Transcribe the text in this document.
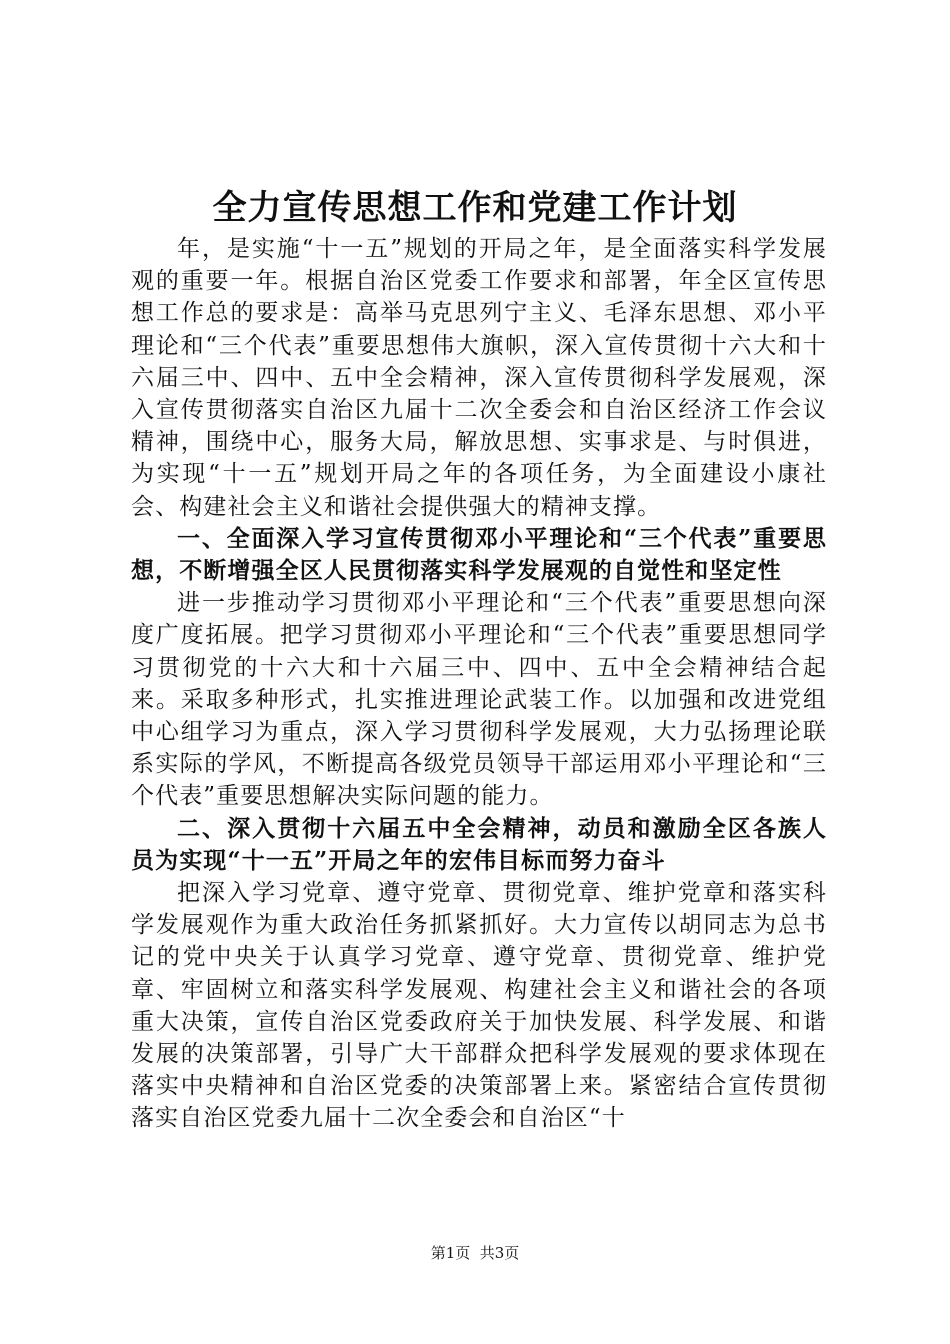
全力宣传思想工作和党建工作计划

年，是实施“十一五”规划的开局之年，是全面落实科学发展观的重要一年。根据自治区党委工作要求和部署，年全区宣传思想工作总的要求是：高举马克思列宁主义、毛泽东思想、邓小平理论和“三个代表”重要思想伟大旗帜，深入宣传贯彻十六大和十六届三中、四中、五中全会精神，深入宣传贯彻科学发展观，深入宣传贯彻落实自治区九届十二次全委会和自治区经济工作会议精神，围绕中心，服务大局，解放思想、实事求是、与时俱进，为实现“十一五”规划开局之年的各项任务，为全面建设小康社会、构建社会主义和谐社会提供强大的精神支撑。

一、全面深入学习宣传贯彻邓小平理论和“三个代表”重要思想，不断增强全区人民贯彻落实科学发展观的自觉性和坚定性

进一步推动学习贯彻邓小平理论和“三个代表”重要思想向深度广度拓展。把学习贯彻邓小平理论和“三个代表”重要思想同学习贯彻党的十六大和十六届三中、四中、五中全会精神结合起来。采取多种形式，扎实推进理论武装工作。以加强和改进党组中心组学习为重点，深入学习贯彻科学发展观，大力弘扬理论联系实际的学风，不断提高各级党员领导干部运用邓小平理论和“三个代表”重要思想解决实际问题的能力。

二、深入贯彻十六届五中全会精神，动员和激励全区各族人员为实现“十一五”开局之年的宏伟目标而努力奋斗

把深入学习党章、遵守党章、贯彻党章、维护党章和落实科学发展观作为重大政治任务抓紧抓好。大力宣传以胡同志为总书记的党中央关于认真学习党章、遵守党章、贯彻党章、维护党章、牢固树立和落实科学发展观、构建社会主义和谐社会的各项重大决策，宣传自治区党委政府关于加快发展、科学发展、和谐发展的决策部署，引导广大干部群众把科学发展观的要求体现在落实中央精神和自治区党委的决策部署上来。紧密结合宣传贯彻落实自治区党委九届十二次全委会和自治区“十

第1页  共3页
